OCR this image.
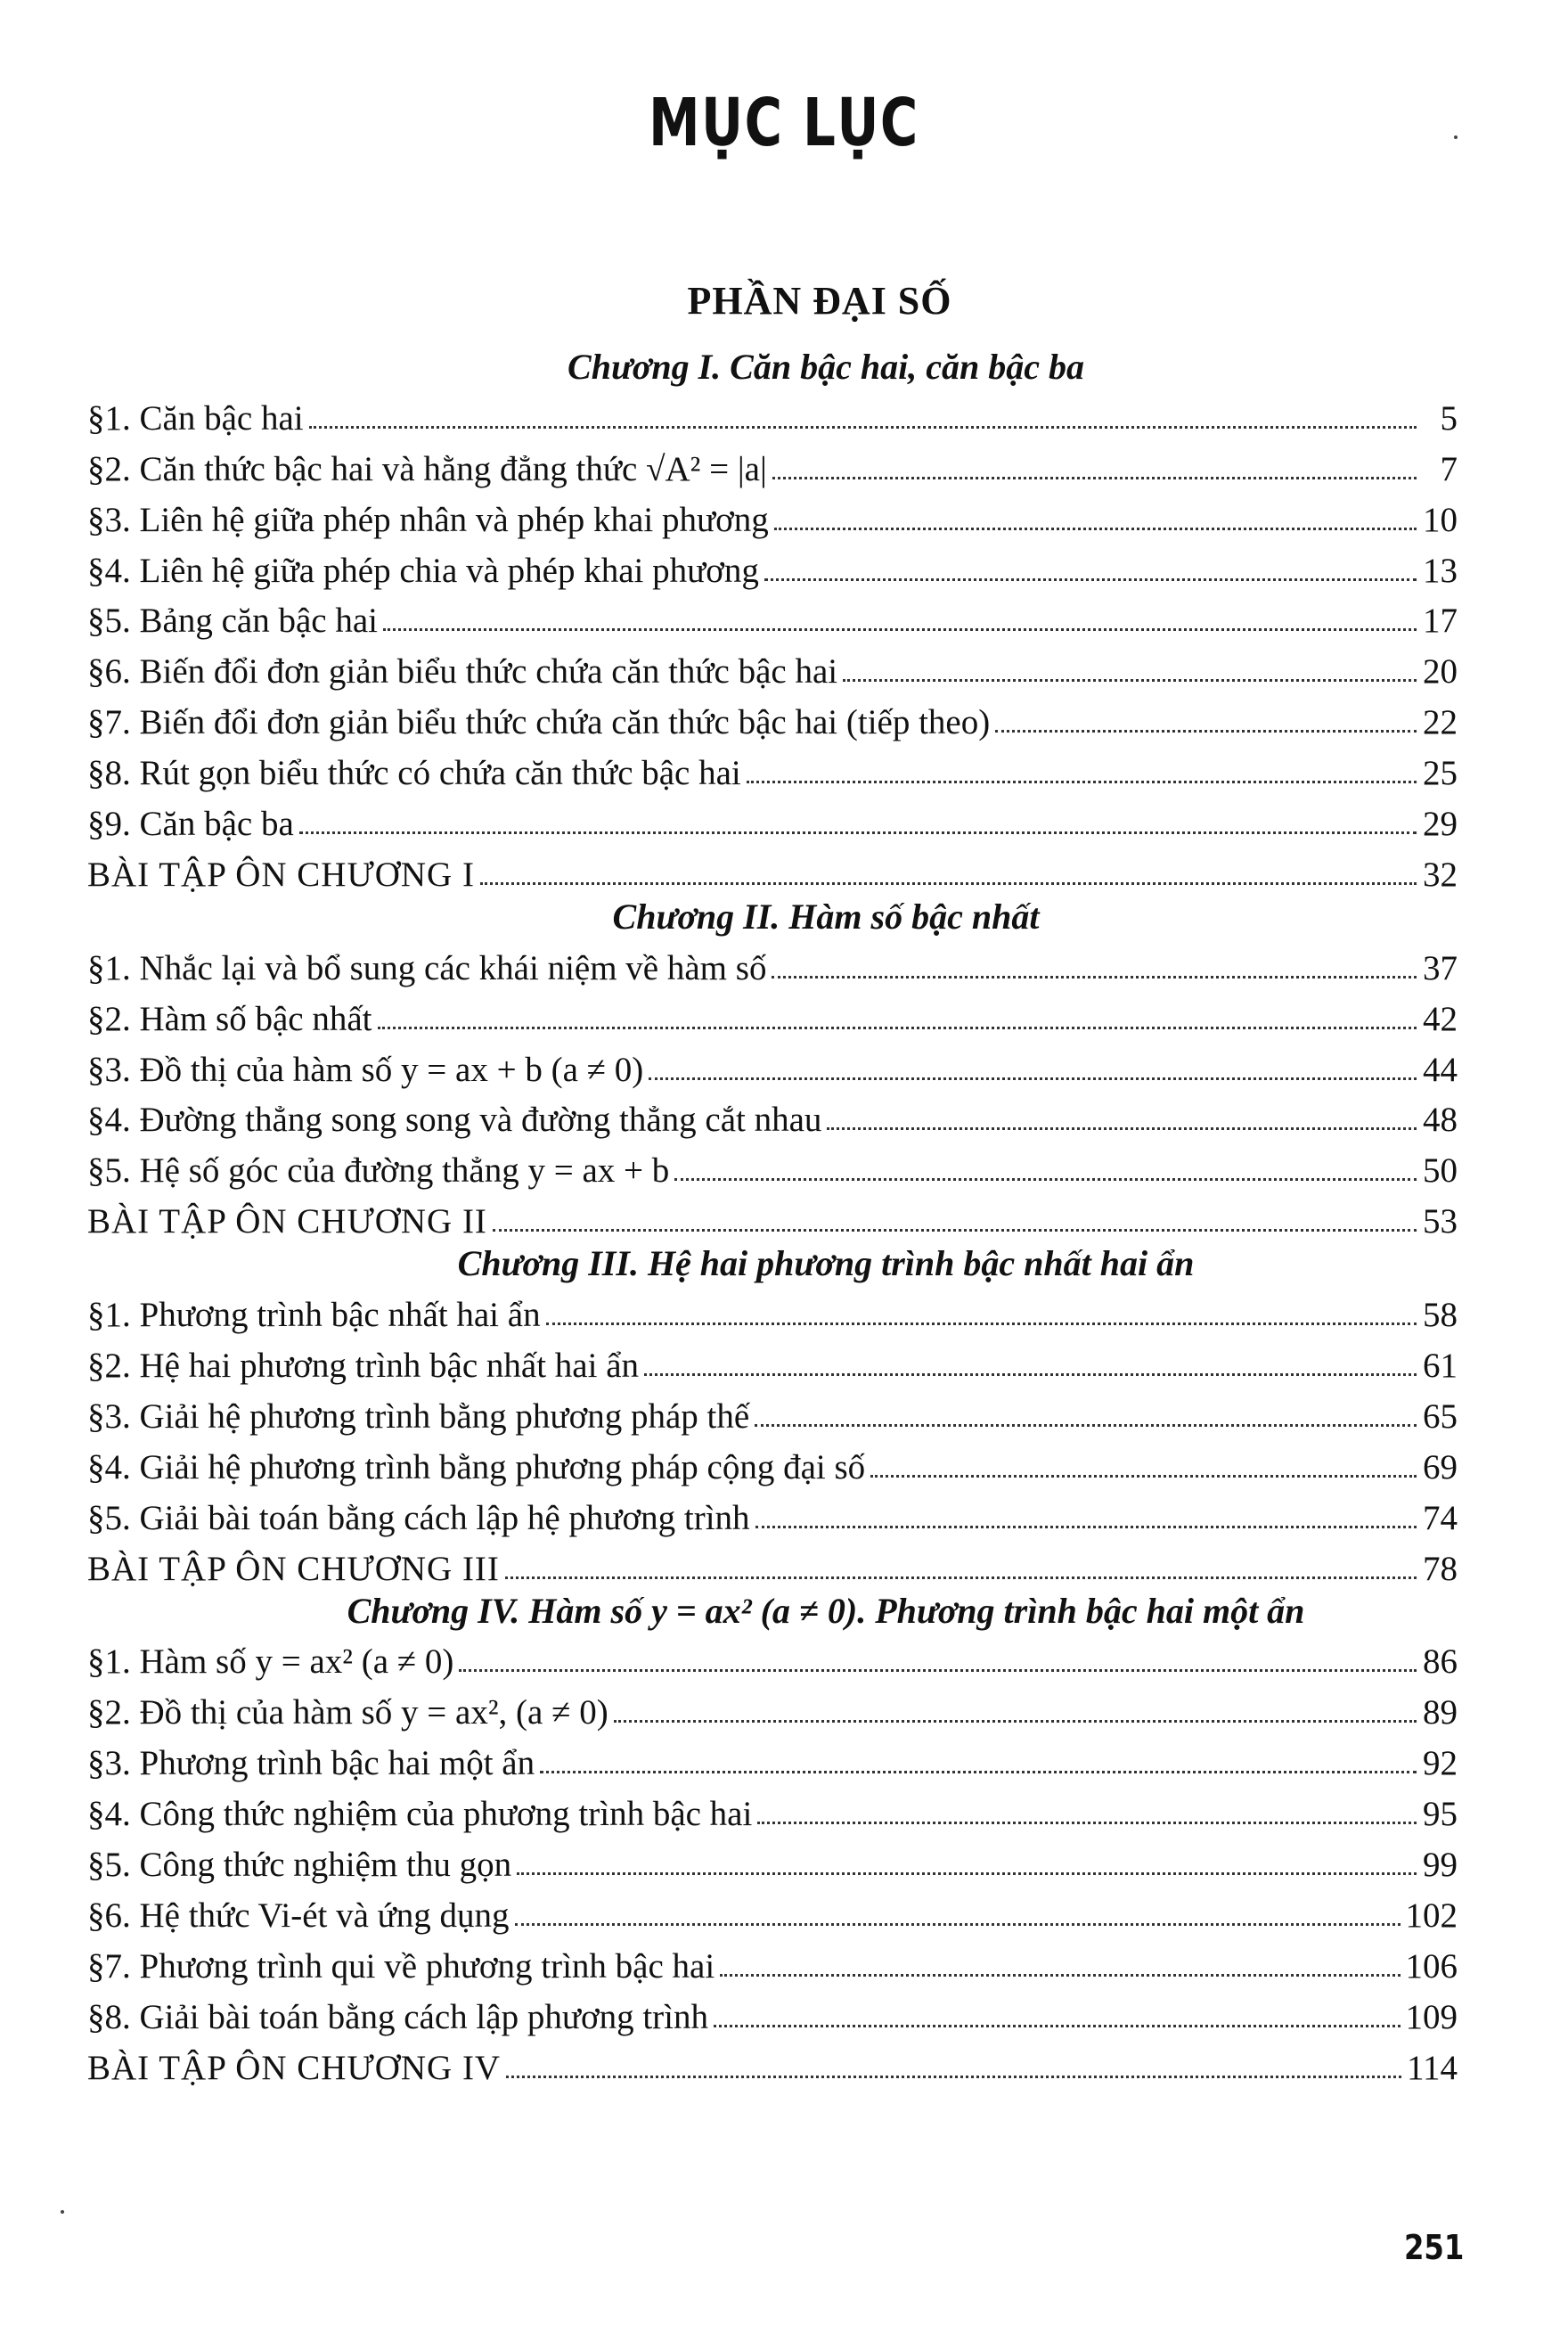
MỤC LỤC
PHẦN ĐẠI SỐ
Chương I. Căn bậc hai, căn bậc ba
§1. Căn bậc hai	5
§2. Căn thức bậc hai và hằng đẳng thức √A² = |a|	7
§3. Liên hệ giữa phép nhân và phép khai phương	10
§4. Liên hệ giữa phép chia và phép khai phương	13
§5. Bảng căn bậc hai	17
§6. Biến đổi đơn giản biểu thức chứa căn thức bậc hai	20
§7. Biến đổi đơn giản biểu thức chứa căn thức bậc hai (tiếp theo)	22
§8. Rút gọn biểu thức có chứa căn thức bậc hai	25
§9. Căn bậc ba	29
BÀI TẬP ÔN CHƯƠNG I	32
Chương II. Hàm số bậc nhất
§1. Nhắc lại và bổ sung các khái niệm về hàm số	37
§2. Hàm số bậc nhất	42
§3. Đồ thị của hàm số y = ax + b (a ≠ 0)	44
§4. Đường thẳng song song và đường thẳng cắt nhau	48
§5. Hệ số góc của đường thẳng y = ax + b	50
BÀI TẬP ÔN CHƯƠNG II	53
Chương III. Hệ hai phương trình bậc nhất hai ẩn
§1. Phương trình bậc nhất hai ẩn	58
§2. Hệ hai phương trình bậc nhất hai ẩn	61
§3. Giải hệ phương trình bằng phương pháp thế	65
§4. Giải hệ phương trình bằng phương pháp cộng đại số	69
§5. Giải bài toán bằng cách lập hệ phương trình	74
BÀI TẬP ÔN CHƯƠNG III	78
Chương IV. Hàm số y = ax² (a ≠ 0). Phương trình bậc hai một ẩn
§1. Hàm số y = ax² (a ≠ 0)	86
§2. Đồ thị của hàm số y = ax², (a ≠ 0)	89
§3. Phương trình bậc hai một ẩn	92
§4. Công thức nghiệm của phương trình bậc hai	95
§5. Công thức nghiệm thu gọn	99
§6. Hệ thức Vi-ét và ứng dụng	102
§7. Phương trình qui về phương trình bậc hai	106
§8. Giải bài toán bằng cách lập phương trình	109
BÀI TẬP ÔN CHƯƠNG IV	114
251
